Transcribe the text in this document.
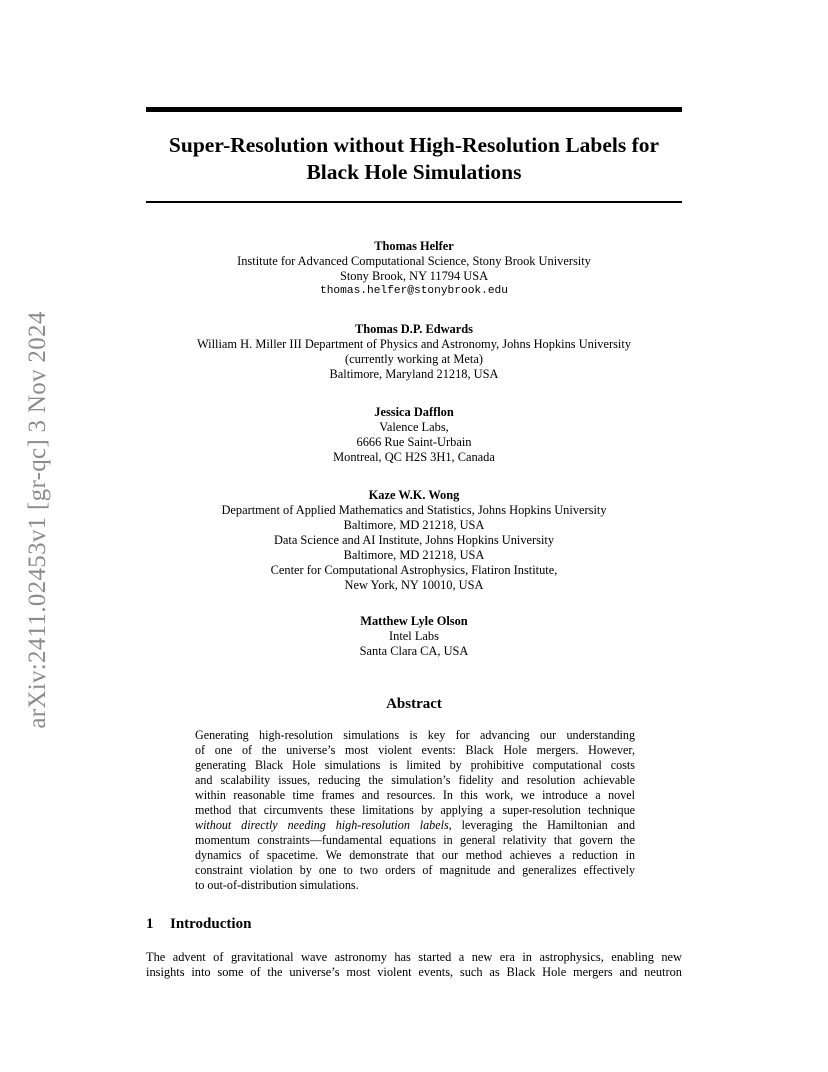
arXiv:2411.02453v1 [gr-qc] 3 Nov 2024
Super-Resolution without High-Resolution Labels for
Black Hole Simulations
Thomas Helfer
Institute for Advanced Computational Science, Stony Brook University
Stony Brook, NY 11794 USA
thomas.helfer@stonybrook.edu
Thomas D.P. Edwards
William H. Miller III Department of Physics and Astronomy, Johns Hopkins University
(currently working at Meta)
Baltimore, Maryland 21218, USA
Jessica Dafflon
Valence Labs,
6666 Rue Saint-Urbain
Montreal, QC H2S 3H1, Canada
Kaze W.K. Wong
Department of Applied Mathematics and Statistics, Johns Hopkins University
Baltimore, MD 21218, USA
Data Science and AI Institute, Johns Hopkins University
Baltimore, MD 21218, USA
Center for Computational Astrophysics, Flatiron Institute,
New York, NY 10010, USA
Matthew Lyle Olson
Intel Labs
Santa Clara CA, USA
Abstract
Generating high-resolution simulations is key for advancing our understanding
of one of the universe’s most violent events: Black Hole mergers. However,
generating Black Hole simulations is limited by prohibitive computational costs
and scalability issues, reducing the simulation’s fidelity and resolution achievable
within reasonable time frames and resources. In this work, we introduce a novel
method that circumvents these limitations by applying a super-resolution technique
without directly needing high-resolution labels, leveraging the Hamiltonian and
momentum constraints—fundamental equations in general relativity that govern the
dynamics of spacetime. We demonstrate that our method achieves a reduction in
constraint violation by one to two orders of magnitude and generalizes effectively
to out-of-distribution simulations.
1 Introduction
The advent of gravitational wave astronomy has started a new era in astrophysics, enabling new
insights into some of the universe’s most violent events, such as Black Hole mergers and neutron
